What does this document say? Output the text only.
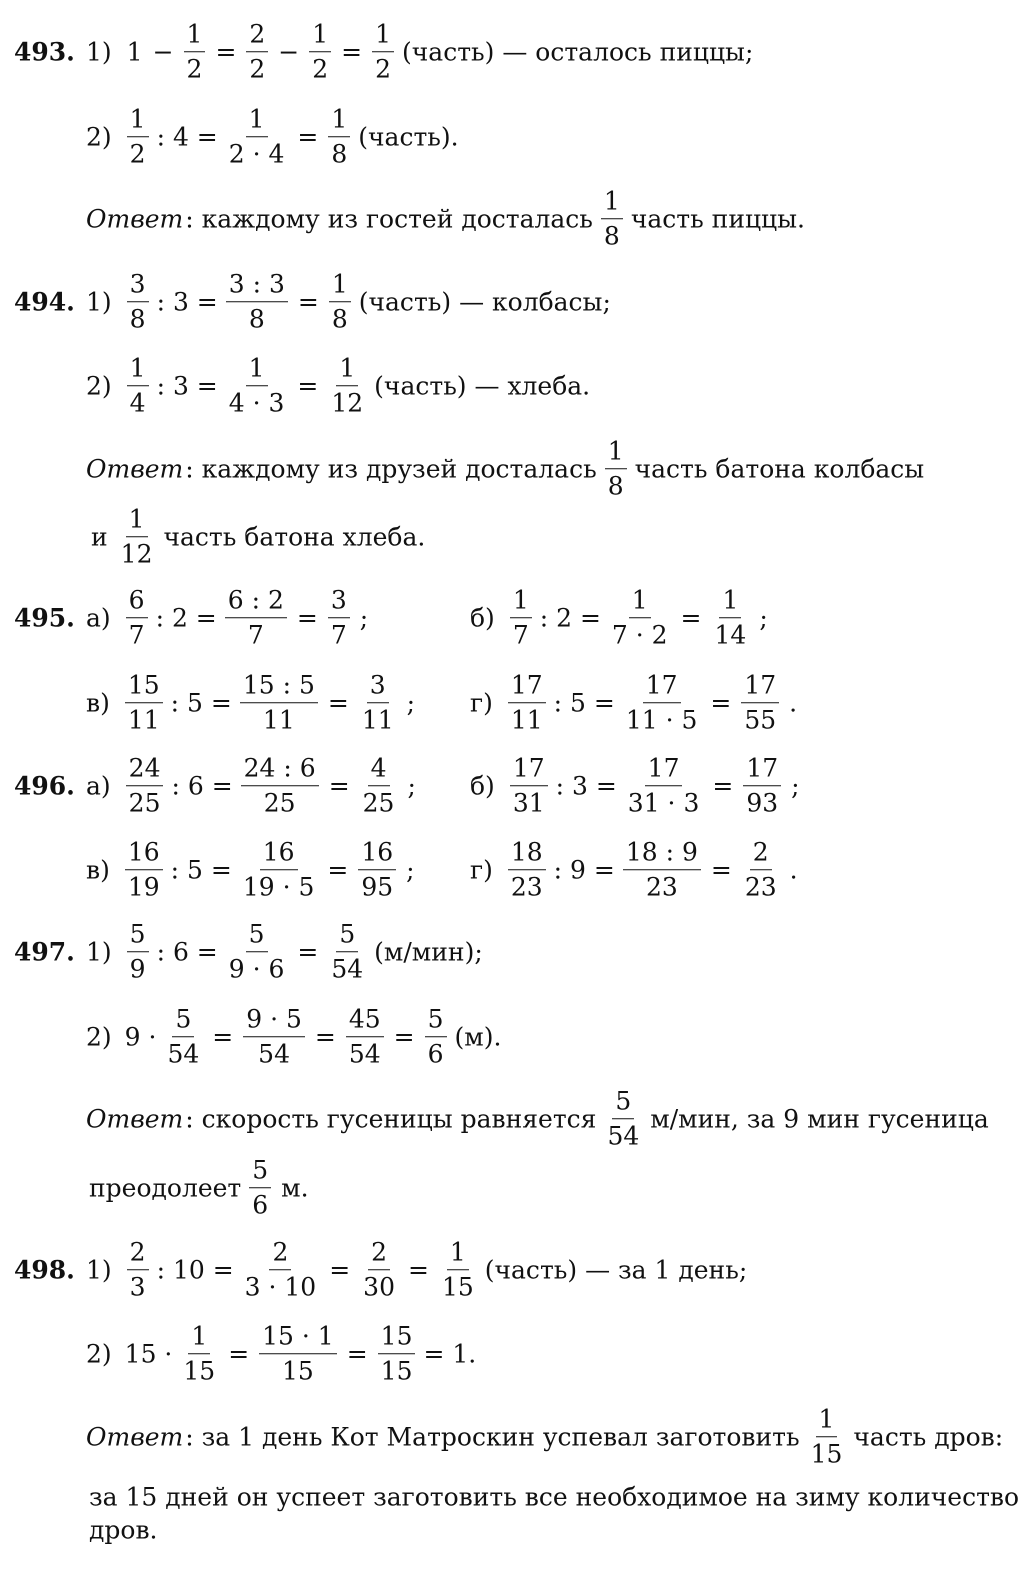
493. 1) $1 - \frac{1}{2} = \frac{2}{2} - \frac{1}{2} = \frac{1}{2}$ (часть) — осталось пиццы;
$2) \frac{1}{2}$ : $4 = \frac{1}{2 \cdot 4} = \frac{1}{8}$ (часть).
Ответ : каждому из гостей досталась $\frac{1}{8}$ часть пиццы.
494. $1) \frac{3}{8}$ : $3 = \frac{3 : 3}{8} = \frac{1}{8}$ (часть) — колбасы;
$2) \frac{1}{4}$ : $3 = \frac{1}{4 \cdot 3} = \frac{1}{12}$ (часть) — хлеба.
Ответ : каждому из друзей досталась $\frac{1}{8}$ часть батона колбасы
и $\frac{1}{12}$ часть батона хлеба.
495. $а) \frac{6}{7}$ : $2 = \frac{6 : 2}{7} = \frac{3}{7}$ ;	$б) \frac{1}{7}$ : $2 = \frac{1}{7 \cdot 2} = \frac{1}{14}$ ;
$в) \frac{15}{11}$ : $5 = \frac{15 : 5}{11} = \frac{3}{11}$ ; $г) \frac{17}{11}$ : $5 = \frac{17}{11 \cdot 5} = \frac{17}{55}$ .
496. $а) \frac{24}{25}$ : $6 = \frac{24 : 6}{25} = \frac{4}{25}$ ; $б) \frac{17}{31}$ : $3 = \frac{17}{31 \cdot 3} = \frac{17}{93}$ ;
$в) \frac{16}{19}$ : $5 = \frac{16}{19 \cdot 5} = \frac{16}{95}$ ; $г) \frac{18}{23}$ : $9 = \frac{18 : 9}{23} = \frac{2}{23}$ .
497. $1) \frac{5}{9}$ : $6 = \frac{5}{9 \cdot 6} = \frac{5}{54} (м/мин)$;
2) $9 \cdot \frac{5}{54} = \frac{9 \cdot 5}{54} = \frac{45}{54} = \frac{5}{6} (м)$.
Ответ : скорость гусеницы равняется $\frac{5}{54} м/мин$, за 9 мин гусеница
преодолеет $\frac{5}{6} м$.
498. $1) \frac{2}{3}$ : $10 = \frac{2}{3 \cdot 10} = \frac{2}{30} = \frac{1}{15}$ (часть) — за 1 день;
2) $15 \cdot \frac{1}{15} = \frac{15 \cdot 1}{15} = \frac{15}{15} = 1$.
Ответ : за 1 день Кот Матроскин успевал заготовить $\frac{1}{15}$ часть дров:
за 15 дней он успеет заготовить все необходимое на зиму количество
дров.
